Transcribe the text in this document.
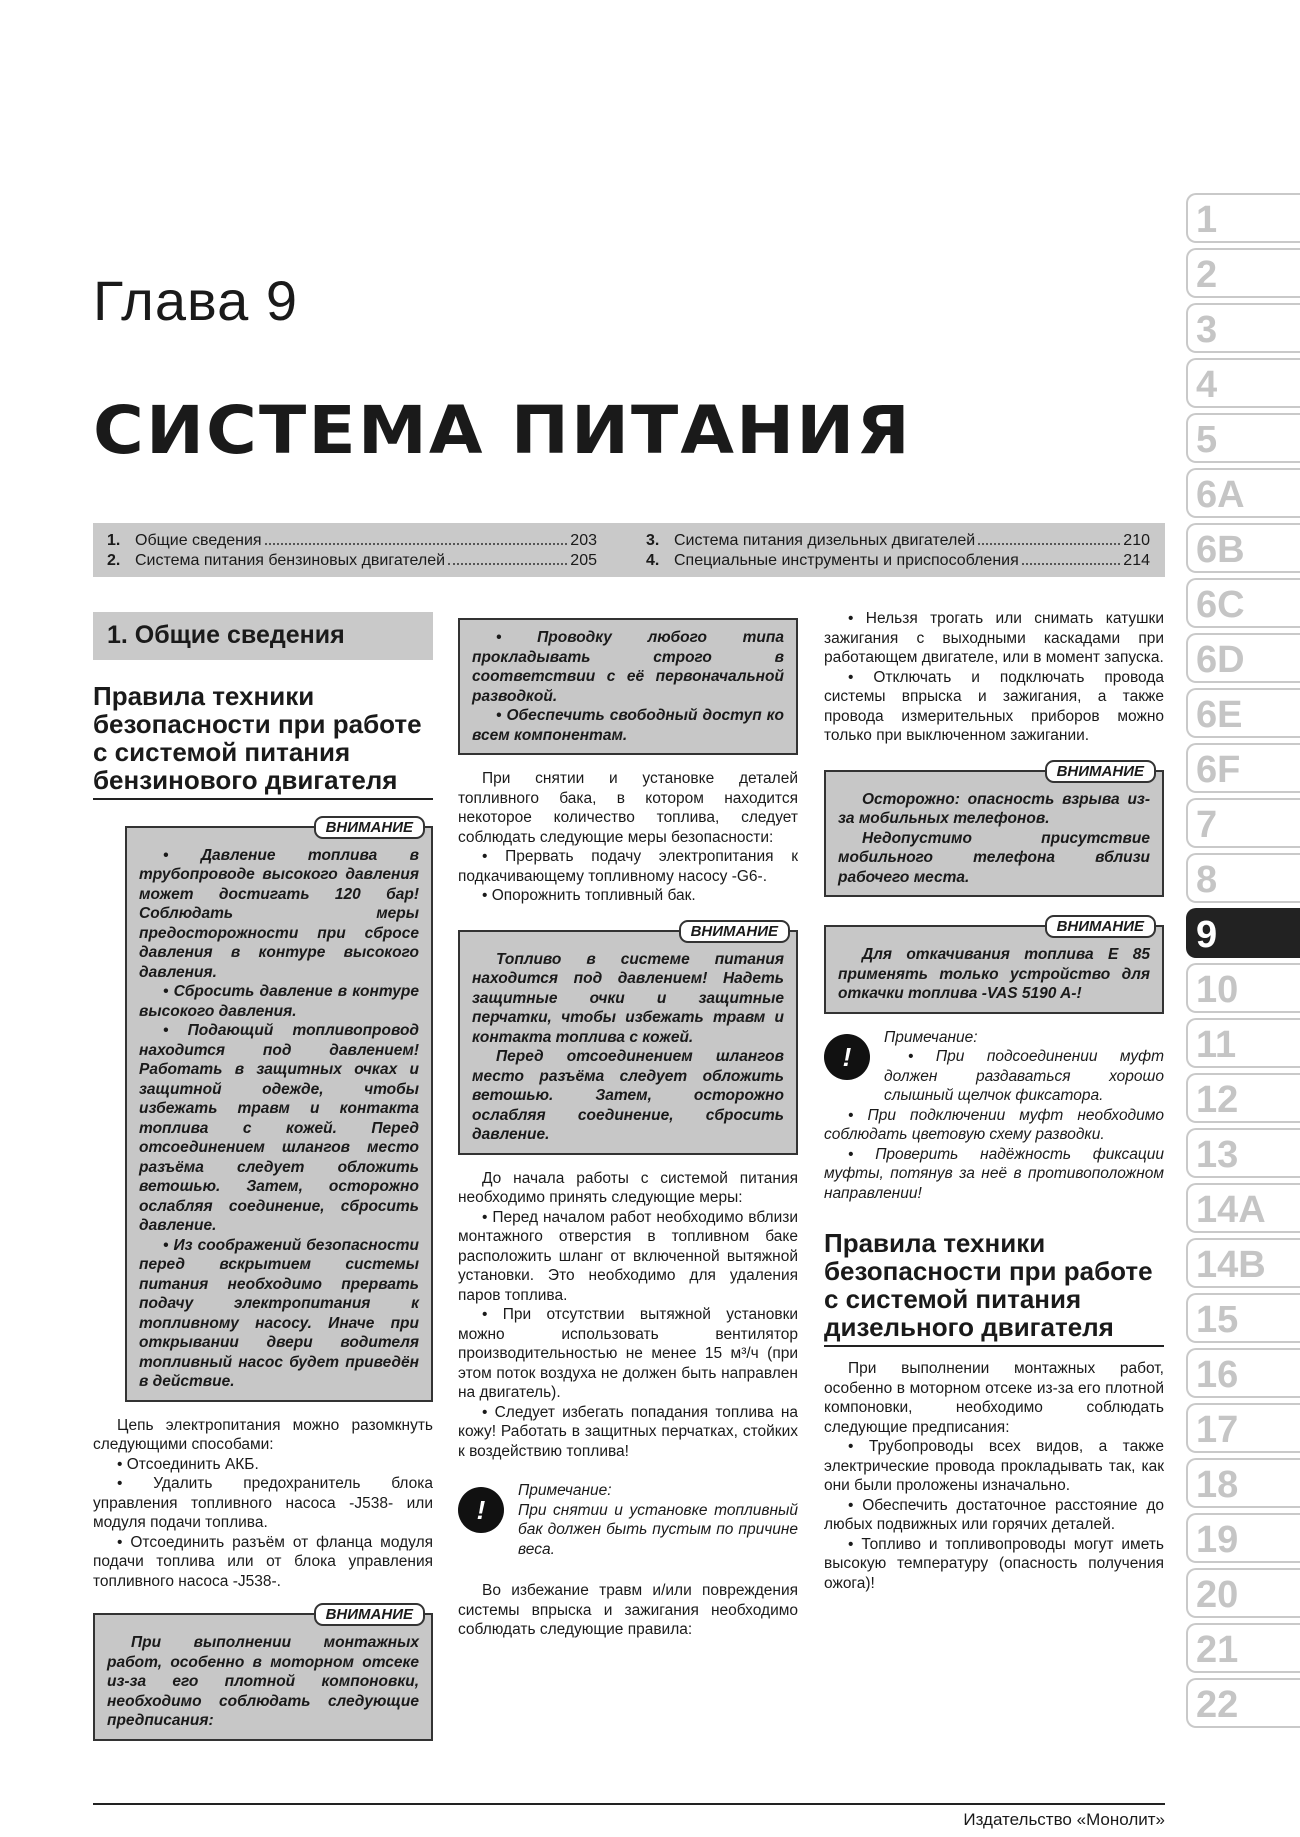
Глава 9
СИСТЕМА ПИТАНИЯ
1. Общие сведения	203
2. Система питания бензиновых двигателей	205
3. Система питания дизельных двигателей	210
4. Специальные инструменты и приспособления	214
1
2
3
4
5
6A
6B
6C
6D
6E
6F
7
8
9
10
11
12
13
14A
14B
15
16
17
18
19
20
21
22
1. Общие сведения
Правила техники безопасности при работе с системой питания бензинового двигателя
ВНИМАНИЕ

• Давление топлива в трубопроводе высокого давления может достигать 120 бар! Соблюдать меры предосторожности при сбросе давления в контуре высокого давления.

• Сбросить давление в контуре высокого давления.

• Подающий топливопровод находится под давлением! Работать в защитных очках и защитной одежде, чтобы избежать травм и контакта топлива с кожей. Перед отсоединением шлангов место разъёма следует обложить ветошью. Затем, осторожно ослабляя соединение, сбросить давление.

• Из соображений безопасности перед вскрытием системы питания необходимо прервать подачу электропитания к топливному насосу. Иначе при открывании двери водителя топливный насос будет приведён в действие.

Цепь электропитания можно разомкнуть следующими способами:

• Отсоединить АКБ.

• Удалить предохранитель блока управления топливного насоса -J538- или модуля подачи топлива.

• Отсоединить разъём от фланца модуля подачи топлива или от блока управления топливного насоса -J538-.

ВНИМАНИЕ

При выполнении монтажных работ, особенно в моторном отсеке из-за его плотной компоновки, необходимо соблюдать следующие предписания:

• Проводку любого типа прокладывать строго в соответствии с её первоначальной разводкой.

• Обеспечить свободный доступ ко всем компонентам.

При снятии и установке деталей топливного бака, в котором находится некоторое количество топлива, следует соблюдать следующие меры безопасности:

• Прервать подачу электропитания к подкачивающему топливному насосу -G6-.

• Опорожнить топливный бак.

ВНИМАНИЕ

Топливо в системе питания находится под давлением! Надеть защитные очки и защитные перчатки, чтобы избежать травм и контакта топлива с кожей.

Перед отсоединением шлангов место разъёма следует обложить ветошью. Затем, осторожно ослабляя соединение, сбросить давление.

До начала работы с системой питания необходимо принять следующие меры:

• Перед началом работ необходимо вблизи монтажного отверстия в топливном баке расположить шланг от включенной вытяжной установки. Это необходимо для удаления паров топлива.

• При отсутствии вытяжной установки можно использовать вентилятор производительностью не менее 15 м³/ч (при этом поток воздуха не должен быть направлен на двигатель).

• Следует избегать попадания топлива на кожу! Работать в защитных перчатках, стойких к воздействию топлива!

!

Примечание:

При снятии и установке топливный бак должен быть пустым по причине веса.

Во избежание травм и/или повреждения системы впрыска и зажигания необходимо соблюдать следующие правила:

• Нельзя трогать или снимать катушки зажигания с выходными каскадами при работающем двигателе, или в момент запуска.

• Отключать и подключать провода системы впрыска и зажигания, а также провода измерительных приборов можно только при выключенном зажигании.

ВНИМАНИЕ

Осторожно: опасность взрыва из-за мобильных телефонов.

Недопустимо присутствие мобильного телефона вблизи рабочего места.

ВНИМАНИЕ

Для откачивания топлива Е 85 применять только устройство для откачки топлива -VAS 5190 A-!

!

Примечание:

• При подсоединении муфт должен раздаваться хорошо слышный щелчок фиксатора.

• При подключении муфт необходимо соблюдать цветовую схему разводки.

• Проверить надёжность фиксации муфты, потянув за неё в противоположном направлении!

Правила техники безопасности при работе с системой питания дизельного двигателя

При выполнении монтажных работ, особенно в моторном отсеке из-за его плотной компоновки, необходимо соблюдать следующие предписания:

• Трубопроводы всех видов, а также электрические провода прокладывать так, как они были проложены изначально.

• Обеспечить достаточное расстояние до любых подвижных или горячих деталей.

• Топливо и топливопроводы могут иметь высокую температуру (опасность получения ожога)!

Издательство «Монолит»
